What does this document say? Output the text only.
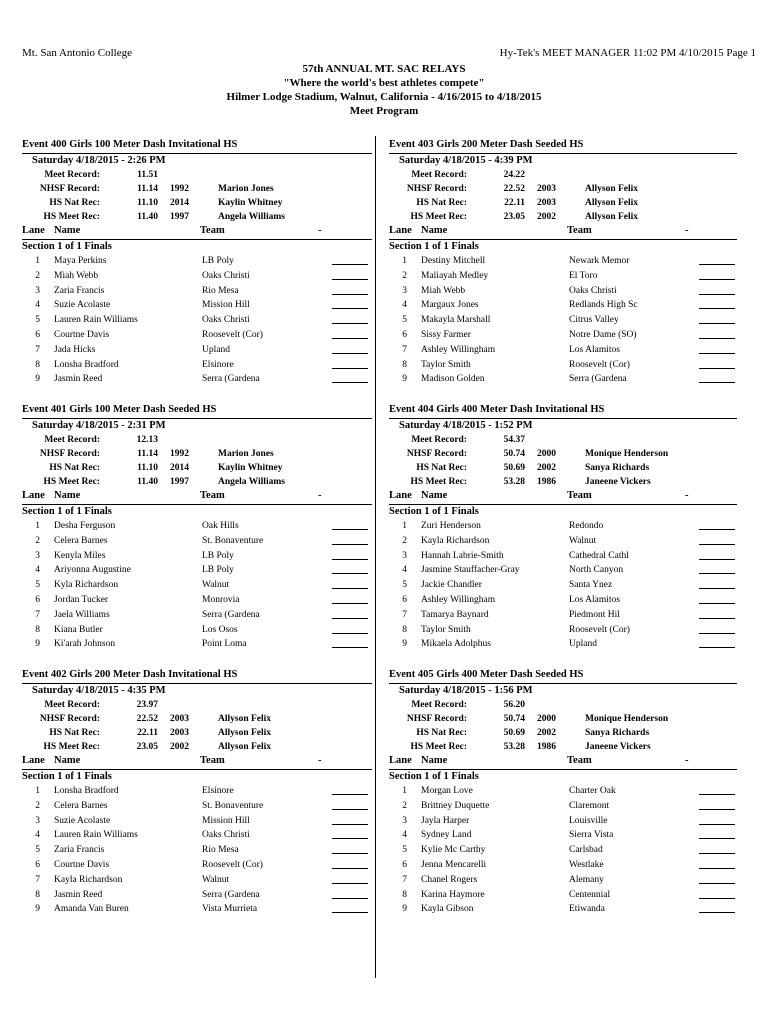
Mt. San Antonio College	Hy-Tek's MEET MANAGER 11:02 PM 4/10/2015 Page 1
57th ANNUAL MT. SAC RELAYS
"Where the world's best athletes compete"
Hilmer Lodge Stadium, Walnut, California - 4/16/2015 to 4/18/2015
Meet Program
Event 400 Girls 100 Meter Dash Invitational HS
Saturday 4/18/2015 - 2:26 PM
Meet Record:	11.51
NHSF Record:	11.14	1992	Marion Jones
HS Nat Rec:	11.10	2014	Kaylin Whitney
HS Meet Rec:	11.40	1997	Angela Williams
Lane Name	Team	-
Section 1 of 1 Finals
1	Maya Perkins	LB Poly
2	Miah Webb	Oaks Christi
3	Zaria Francis	Rio Mesa
4	Suzie Acolaste	Mission Hill
5	Lauren Rain Williams	Oaks Christi
6	Courtne Davis	Roosevelt (Cor)
7	Jada Hicks	Upland
8	Lonsha Bradford	Elsinore
9	Jasmin Reed	Serra (Gardena
Event 401 Girls 100 Meter Dash Seeded HS
Saturday 4/18/2015 - 2:31 PM
Meet Record:	12.13
NHSF Record:	11.14	1992	Marion Jones
HS Nat Rec:	11.10	2014	Kaylin Whitney
HS Meet Rec:	11.40	1997	Angela Williams
Lane Name	Team	-
Section 1 of 1 Finals
1	Desha Ferguson	Oak Hills
2	Celera Barnes	St. Bonaventure
3	Kenyla Miles	LB Poly
4	Ariyonna Augustine	LB Poly
5	Kyla Richardson	Walnut
6	Jordan Tucker	Monrovia
7	Jaela Williams	Serra (Gardena
8	Kiana Butler	Los Osos
9	Ki'arah Johnson	Point Loma
Event 402 Girls 200 Meter Dash Invitational HS
Saturday 4/18/2015 - 4:35 PM
Meet Record:	23.97
NHSF Record:	22.52	2003	Allyson Felix
HS Nat Rec:	22.11	2003	Allyson Felix
HS Meet Rec:	23.05	2002	Allyson Felix
Lane Name	Team	-
Section 1 of 1 Finals
1	Lonsha Bradford	Elsinore
2	Celera Barnes	St. Bonaventure
3	Suzie Acolaste	Mission Hill
4	Lauren Rain Williams	Oaks Christi
5	Zaria Francis	Rio Mesa
6	Courtne Davis	Roosevelt (Cor)
7	Kayla Richardson	Walnut
8	Jasmin Reed	Serra (Gardena
9	Amanda Van Buren	Vista Murrieta
Event 403 Girls 200 Meter Dash Seeded HS
Saturday 4/18/2015 - 4:39 PM
Meet Record:	24.22
NHSF Record:	22.52	2003	Allyson Felix
HS Nat Rec:	22.11	2003	Allyson Felix
HS Meet Rec:	23.05	2002	Allyson Felix
Lane Name	Team	-
Section 1 of 1 Finals
1	Destiny Mitchell	Newark Memor
2	Maliayah Medley	El Toro
3	Miah Webb	Oaks Christi
4	Margaux Jones	Redlands High Sc
5	Makayla Marshall	Citrus Valley
6	Sissy Farmer	Notre Dame (SO)
7	Ashley Willingham	Los Alamitos
8	Taylor Smith	Roosevelt (Cor)
9	Madison Golden	Serra (Gardena
Event 404 Girls 400 Meter Dash Invitational HS
Saturday 4/18/2015 - 1:52 PM
Meet Record:	54.37
NHSF Record:	50.74	2000	Monique Henderson
HS Nat Rec:	50.69	2002	Sanya Richards
HS Meet Rec:	53.28	1986	Janeene Vickers
Lane Name	Team	-
Section 1 of 1 Finals
1	Zuri Henderson	Redondo
2	Kayla Richardson	Walnut
3	Hannah Labrie-Smith	Cathedral Cathl
4	Jasmine Stauffacher-Gray	North Canyon
5	Jackie Chandler	Santa Ynez
6	Ashley Willingham	Los Alamitos
7	Tamarya Baynard	Piedmont Hil
8	Taylor Smith	Roosevelt (Cor)
9	Mikaela Adolphus	Upland
Event 405 Girls 400 Meter Dash Seeded HS
Saturday 4/18/2015 - 1:56 PM
Meet Record:	56.20
NHSF Record:	50.74	2000	Monique Henderson
HS Nat Rec:	50.69	2002	Sanya Richards
HS Meet Rec:	53.28	1986	Janeene Vickers
Lane Name	Team	-
Section 1 of 1 Finals
1	Morgan Love	Charter Oak
2	Brittney Duquette	Claremont
3	Jayla Harper	Louisville
4	Sydney Land	Sierra Vista
5	Kylie Mc Carthy	Carlsbad
6	Jenna Mencarelli	Westlake
7	Chanel Rogers	Alemany
8	Karina Haymore	Centennial
9	Kayla Gibson	Etiwanda
